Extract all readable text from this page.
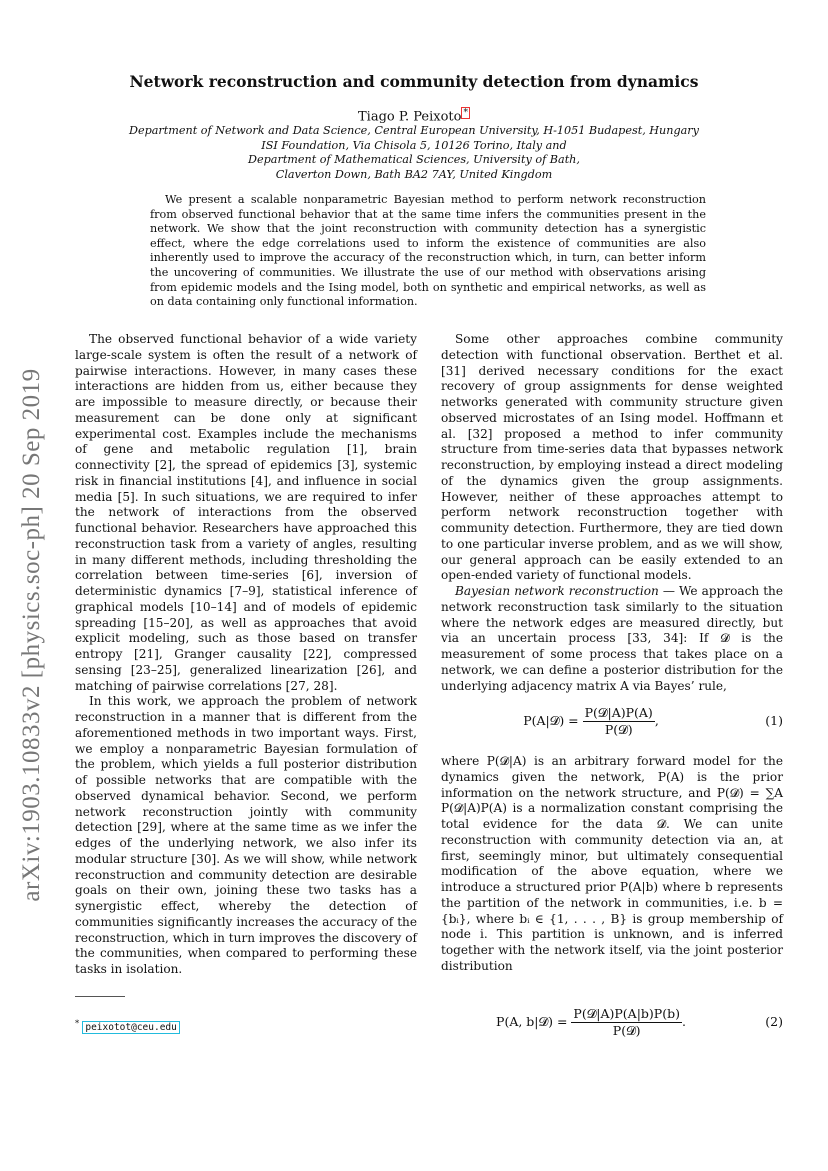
Network reconstruction and community detection from dynamics
Tiago P. Peixoto *
Department of Network and Data Science, Central European University, H-1051 Budapest, Hungary
ISI Foundation, Via Chisola 5, 10126 Torino, Italy and
Department of Mathematical Sciences, University of Bath,
Claverton Down, Bath BA2 7AY, United Kingdom
We present a scalable nonparametric Bayesian method to perform network reconstruction from observed functional behavior that at the same time infers the communities present in the network. We show that the joint reconstruction with community detection has a synergistic effect, where the edge correlations used to inform the existence of communities are also inherently used to improve the accuracy of the reconstruction which, in turn, can better inform the uncovering of communities. We illustrate the use of our method with observations arising from epidemic models and the Ising model, both on synthetic and empirical networks, as well as on data containing only functional information.
arXiv:1903.10833v2 [physics.soc-ph] 20 Sep 2019

The observed functional behavior of a wide variety large-scale system is often the result of a network of pairwise interactions. However, in many cases these interactions are hidden from us, either because they are impossible to measure directly, or because their measurement can be done only at significant experimental cost. Examples include the mechanisms of gene and metabolic regulation [1], brain connectivity [2], the spread of epidemics [3], systemic risk in financial institutions [4], and influence in social media [5]. In such situations, we are required to infer the network of interactions from the observed functional behavior. Researchers have approached this reconstruction task from a variety of angles, resulting in many different methods, including thresholding the correlation between time-series [6], inversion of deterministic dynamics [7–9], statistical inference of graphical models [10–14] and of models of epidemic spreading [15–20], as well as approaches that avoid explicit modeling, such as those based on transfer entropy [21], Granger causality [22], compressed sensing [23–25], generalized linearization [26], and matching of pairwise correlations [27, 28].

In this work, we approach the problem of network reconstruction in a manner that is different from the aforementioned methods in two important ways. First, we employ a nonparametric Bayesian formulation of the problem, which yields a full posterior distribution of possible networks that are compatible with the observed dynamical behavior. Second, we perform network reconstruction jointly with community detection [29], where at the same time as we infer the edges of the underlying network, we also infer its modular structure [30]. As we will show, while network reconstruction and community detection are desirable goals on their own, joining these two tasks has a synergistic effect, whereby the detection of communities significantly increases the accuracy of the reconstruction, which in turn improves the discovery of the communities, when compared to performing these tasks in isolation.

* peixotot@ceu.edu

Some other approaches combine community detection with functional observation. Berthet et al. [31] derived necessary conditions for the exact recovery of group assignments for dense weighted networks generated with community structure given observed microstates of an Ising model. Hoffmann et al. [32] proposed a method to infer community structure from time-series data that bypasses network reconstruction, by employing instead a direct modeling of the dynamics given the group assignments. However, neither of these approaches attempt to perform network reconstruction together with community detection. Furthermore, they are tied down to one particular inverse problem, and as we will show, our general approach can be easily extended to an open-ended variety of functional models.

Bayesian network reconstruction — We approach the network reconstruction task similarly to the situation where the network edges are measured directly, but via an uncertain process [33, 34]: If 𝓓 is the measurement of some process that takes place on a network, we can define a posterior distribution for the underlying adjacency matrix A via Bayes’ rule,

P(A|𝓓) = $\frac{\text{P(𝓓|A)P(A)}}{\text{P(𝓓)}}$ ,	(1)

where P(𝓓|A) is an arbitrary forward model for the dynamics given the network, P(A) is the prior information on the network structure, and P(𝓓) = ∑A P(𝓓|A)P(A) is a normalization constant comprising the total evidence for the data 𝓓. We can unite reconstruction with community detection via an, at first, seemingly minor, but ultimately consequential modification of the above equation, where we introduce a structured prior P(A|b) where b represents the partition of the network in communities, i.e. b = {bᵢ}, where bᵢ ∈ {1, . . . , B} is group membership of node i. This partition is unknown, and is inferred together with the network itself, via the joint posterior distribution

P(A, b|𝓓) = $\frac{\text{P(𝓓|A)P(A|b)P(b)}}{\text{P(𝓓)}}$ .	(2)
